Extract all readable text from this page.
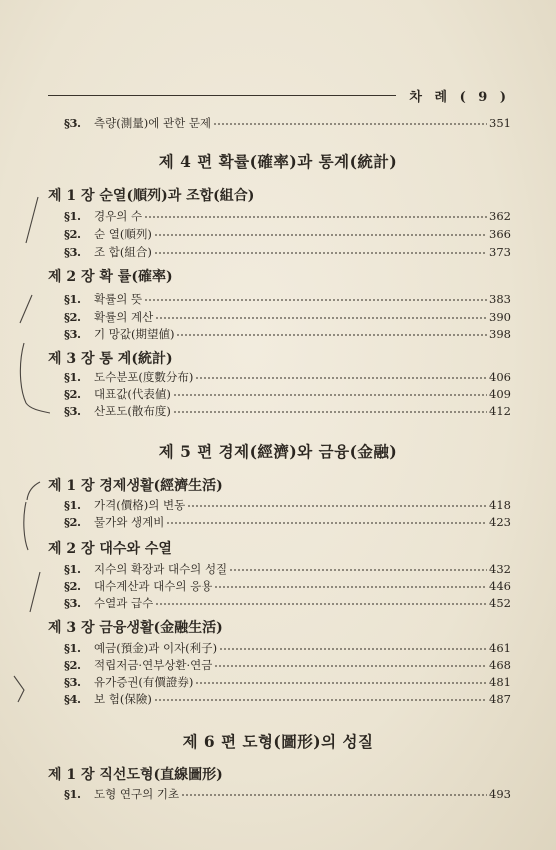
차 례 ( 9 )
§3.	측량(測量)에 관한 문제	351
제 4 편 확률(確率)과 통계(統計)
제 1 장 순열(順列)과 조합(組合)
§1.	경우의 수	362
§2.	순 열(順列)	366
§3.	조 합(組合)	373
제 2 장 확 률(確率)
§1.	확률의 뜻	383
§2.	확률의 계산	390
§3.	기 망값(期望値)	398
제 3 장 통 계(統計)
§1.	도수분포(度數分布)	406
§2.	대표값(代表値)	409
§3.	산포도(散布度)	412
제 5 편 경제(經濟)와 금융(金融)
제 1 장 경제생활(經濟生活)
§1.	가격(價格)의 변동	418
§2.	물가와 생계비	423
제 2 장 대수와 수열
§1.	지수의 확장과 대수의 성질	432
§2.	대수계산과 대수의 응용	446
§3.	수열과 급수	452
제 3 장 금융생활(金融生活)
§1.	예금(預金)과 이자(利子)	461
§2.	적립저금·연부상환·연금	468
§3.	유가증권(有價證券)	481
§4.	보 험(保險)	487
제 6 편 도형(圖形)의 성질
제 1 장 직선도형(直線圖形)
§1.	도형 연구의 기초	493
